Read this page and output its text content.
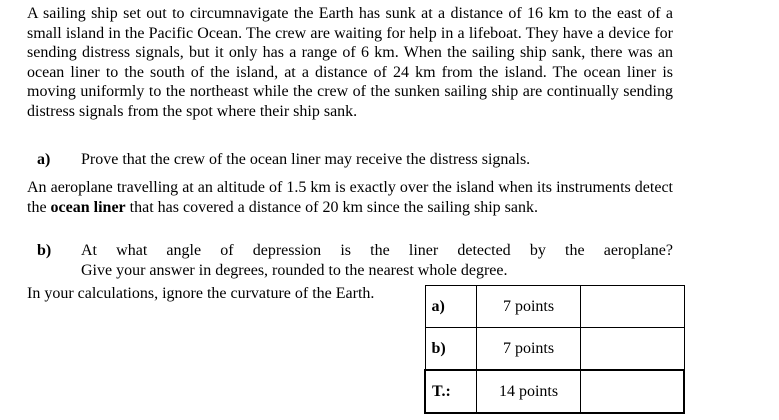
A sailing ship set out to circumnavigate the Earth has sunk at a distance of 16 km to the east of a small island in the Pacific Ocean. The crew are waiting for help in a lifeboat. They have a device for sending distress signals, but it only has a range of 6 km. When the sailing ship sank, there was an ocean liner to the south of the island, at a distance of 24 km from the island. The ocean liner is moving uniformly to the northeast while the crew of the sunken sailing ship are continually sending distress signals from the spot where their ship sank.
a) Prove that the crew of the ocean liner may receive the distress signals.
An aeroplane travelling at an altitude of 1.5 km is exactly over the island when its instruments detect the ocean liner that has covered a distance of 20 km since the sailing ship sank.
b) At what angle of depression is the liner detected by the aeroplane?
Give your answer in degrees, rounded to the nearest whole degree.
In your calculations, ignore the curvature of the Earth.
a)	7 points	
b)	7 points	
T.:	14 points	
